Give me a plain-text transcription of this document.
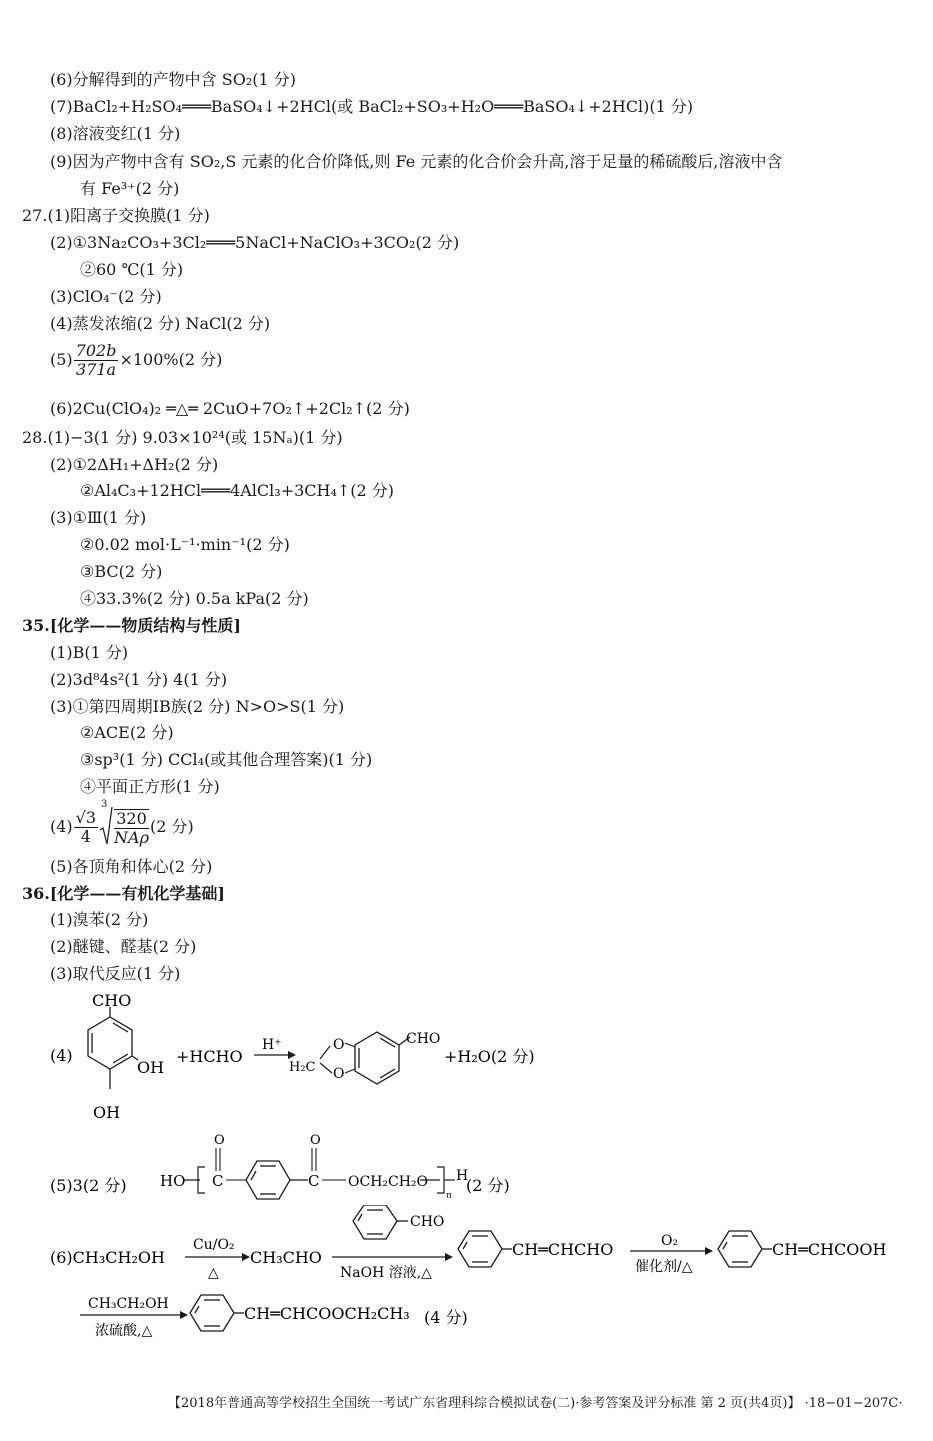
(6)分解得到的产物中含 SO₂(1 分)
(7)BaCl₂+H₂SO₄═══BaSO₄↓+2HCl(或 BaCl₂+SO₃+H₂O═══BaSO₄↓+2HCl)(1 分)
(8)溶液变红(1 分)
(9)因为产物中含有 SO₂,S 元素的化合价降低,则 Fe 元素的化合价会升高,溶于足量的稀硫酸后,溶液中含
有 Fe³⁺(2 分)
27.(1)阳离子交换膜(1 分)
(2)①3Na₂CO₃+3Cl₂═══5NaCl+NaClO₃+3CO₂(2 分)
②60 ℃(1 分)
(3)ClO₄⁻(2 分)
(4)蒸发浓缩(2 分) NaCl(2 分)
$(5) \frac{702b}{371a} \times 100\%(2$ 分)
(6)2Cu(ClO₄)₂ ═△═ 2CuO+7O₂↑+2Cl₂↑(2 分)
28.(1)−3(1 分) 9.03×10²⁴(或 15Nₐ)(1 分)
(2)①2ΔH₁+ΔH₂(2 分)
②Al₄C₃+12HCl═══4AlCl₃+3CH₄↑(2 分)
(3)①Ⅲ(1 分)
②0.02 mol·L⁻¹·min⁻¹(2 分)
③BC(2 分)
④33.3%(2 分) 0.5a kPa(2 分)
35.[化学——物质结构与性质]
(1)B(1 分)
(2)3d⁸4s²(1 分) 4(1 分)
(3)①第四周期ⅠB族(2 分) N>O>S(1 分)
②ACE(2 分)
③sp³(1 分) CCl₄(或其他合理答案)(1 分)
④平面正方形(1 分)
$(4) \frac{√3}{4}$
3
$\frac{320}{\text{NAρ}} (2$ 分)
(5)各顶角和体心(2 分)
36.[化学——有机化学基础]
(1)溴苯(2 分)
(2)醚键、醛基(2 分)
(3)取代反应(1 分)
(4)
CHO
OH
OH
+HCHO
H⁺
H₂C
O
O
CHO
+H₂O(2 分)
(5)3(2 分) HO C
O
C
O
OCH₂CH₂O
n
H
(2 分)
(6)CH₃CH₂OH
Cu/O₂
△
CH₃CHO
CHO
NaOH 溶液,△
CH═CHCHO	O₂
催化剂/△
CH═CHCOOH
CH₃CH₂OH
浓硫酸,△
CH═CHCOOCH₂CH₃ (4 分)
【2018年普通高等学校招生全国统一考试广东省理科综合模拟试卷(二)·参考答案及评分标准 第 2 页(共4页)】 ·18−01−207C·
